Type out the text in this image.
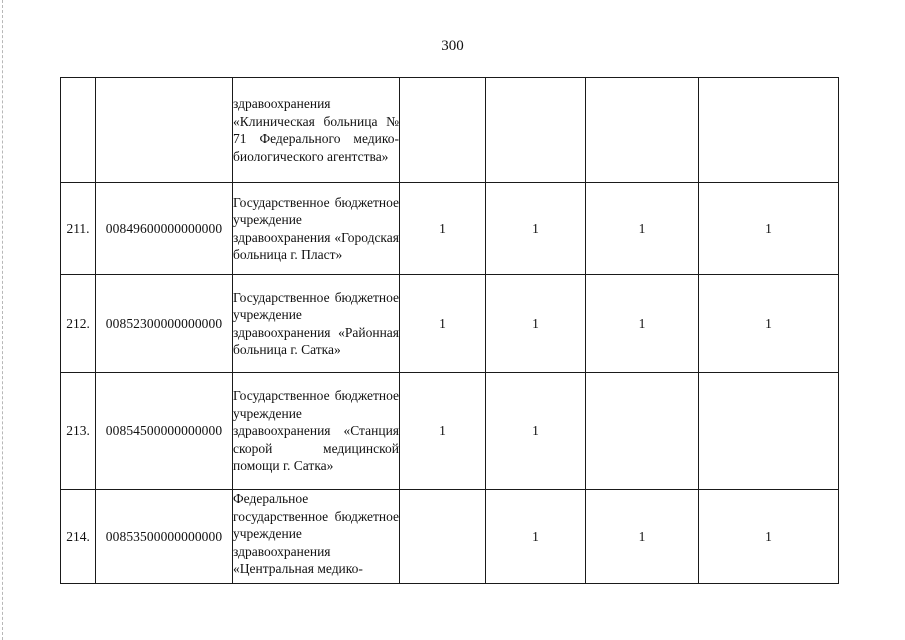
300

		здравоохранения «Клиническая больница № 71 Федерального медико-биологического агентства»				

211.	00849600000000000	Государственное бюджетное учреждение здравоохранения «Городская больница г. Пласт»	1	1	1	1
212.	00852300000000000	Государственное бюджетное учреждение здравоохранения «Районная больница г. Сатка»	1	1	1	1
213.	00854500000000000	Государственное бюджетное учреждение здравоохранения «Станция скорой медицинской помощи г. Сатка»	1	1		
214.	00853500000000000	Федеральное государственное бюджетное учреждение здравоохранения «Центральная медико-		1	1	1
